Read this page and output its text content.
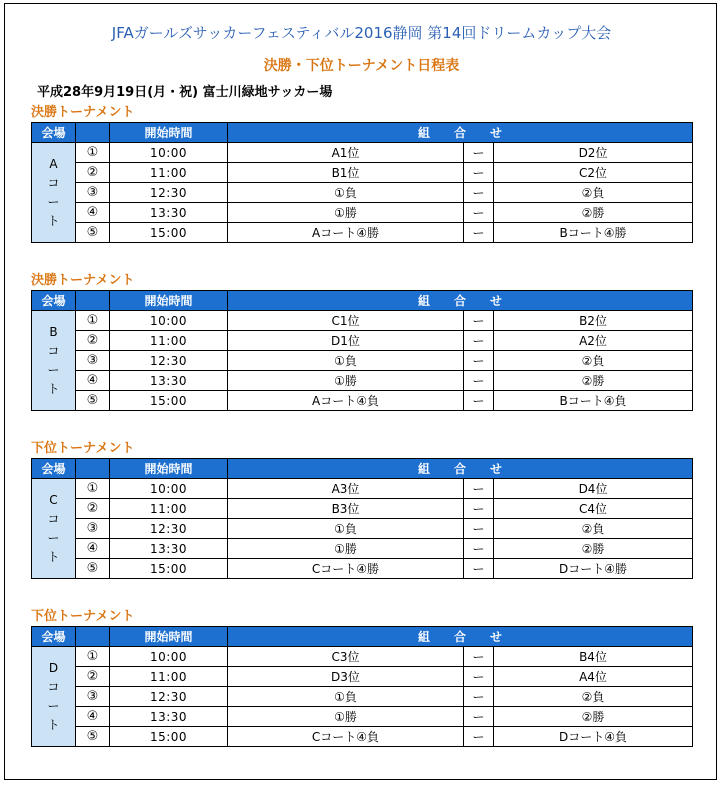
JFAガールズサッカーフェスティバル2016静岡 第14回ドリームカップ大会
決勝・下位トーナメント日程表
平成28年9月19日(月・祝) 富士川緑地サッカー場
決勝トーナメント
会場		開始時間	組　　合　　せ		

A
コ
ー
ト	①	10:00	A1位	ー	D2位
	②	11:00	B1位	ー	C2位
	③	12:30	①負	ー	②負
	④	13:30	①勝	ー	②勝
	⑤	15:00	Aコート④勝	ー	Bコート④勝
決勝トーナメント
会場		開始時間	組　　合　　せ		

B
コ
ー
ト	①	10:00	C1位	ー	B2位
	②	11:00	D1位	ー	A2位
	③	12:30	①負	ー	②負
	④	13:30	①勝	ー	②勝
	⑤	15:00	Aコート④負	ー	Bコート④負
下位トーナメント
会場		開始時間	組　　合　　せ		

C
コ
ー
ト	①	10:00	A3位	ー	D4位
	②	11:00	B3位	ー	C4位
	③	12:30	①負	ー	②負
	④	13:30	①勝	ー	②勝
	⑤	15:00	Cコート④勝	ー	Dコート④勝
下位トーナメント
会場		開始時間	組　　合　　せ		

D
コ
ー
ト	①	10:00	C3位	ー	B4位
	②	11:00	D3位	ー	A4位
	③	12:30	①負	ー	②負
	④	13:30	①勝	ー	②勝
	⑤	15:00	Cコート④負	ー	Dコート④負
